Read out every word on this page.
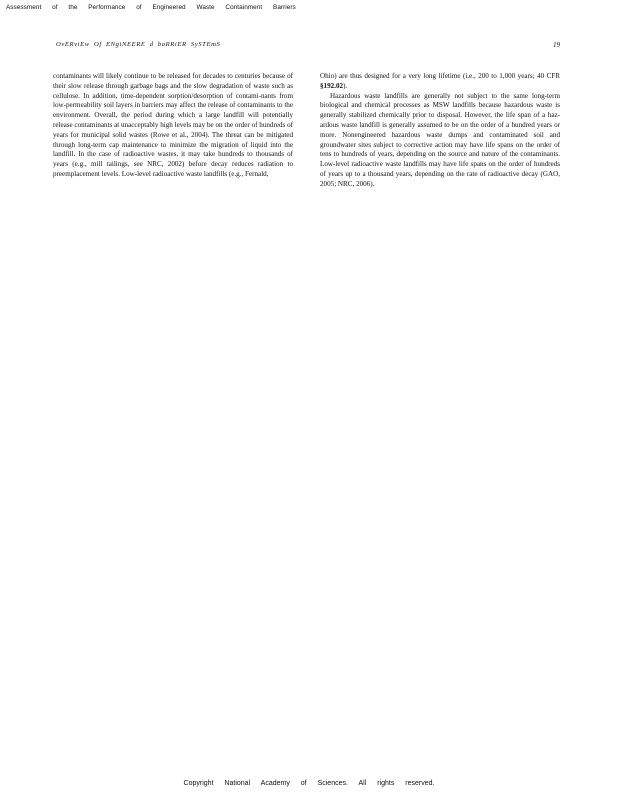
Assessment of the Performance of Engineered Waste Containment Barriers
OvERviEw Of ENgiNEERE d baRRiER SySTEmS	19

contaminants will likely continue to be released for decades to centuries because of their slow release through garbage bags and the slow degradation of waste such as cellulose. In addition, time-dependent sorption/desorption of contami-nants from low-permeability soil layers in barriers may affect the release of contaminants to the environment. Overall, the period during which a large landfill will potentially release contaminants at unacceptably high levels may be on the order of hundreds of years for municipal solid wastes (Rowe et al., 2004). The threat can be mitigated through long-term cap maintenance to minimize the migration of liquid into the landfill. In the case of radioactive wastes, it may take hundreds to thousands of years (e.g., mill tailings, see NRC, 2002) before decay reduces radiation to preemplacement levels. Low-level radioactive waste landfills (e.g., Fernald,

Ohio) are thus designed for a very long lifetime (i.e., 200 to 1,000 years; 40 CFR §192.02).

Hazardous waste landfills are generally not subject to the same long-term biological and chemical processes as MSW landfills because hazardous waste is generally stabilized chemically prior to disposal. However, the life span of a haz-ardous waste landfill is generally assumed to be on the order of a hundred years or more. Nonengineered hazardous waste dumps and contaminated soil and groundwater sites subject to corrective action may have life spans on the order of tens to hundreds of years, depending on the source and nature of the contaminants. Low-level radioactive waste landfills may have life spans on the order of hundreds of years up to a thousand years, depending on the rate of radioactive decay (GAO, 2005; NRC, 2006).

Copyright National Academy of Sciences. All rights reserved.
